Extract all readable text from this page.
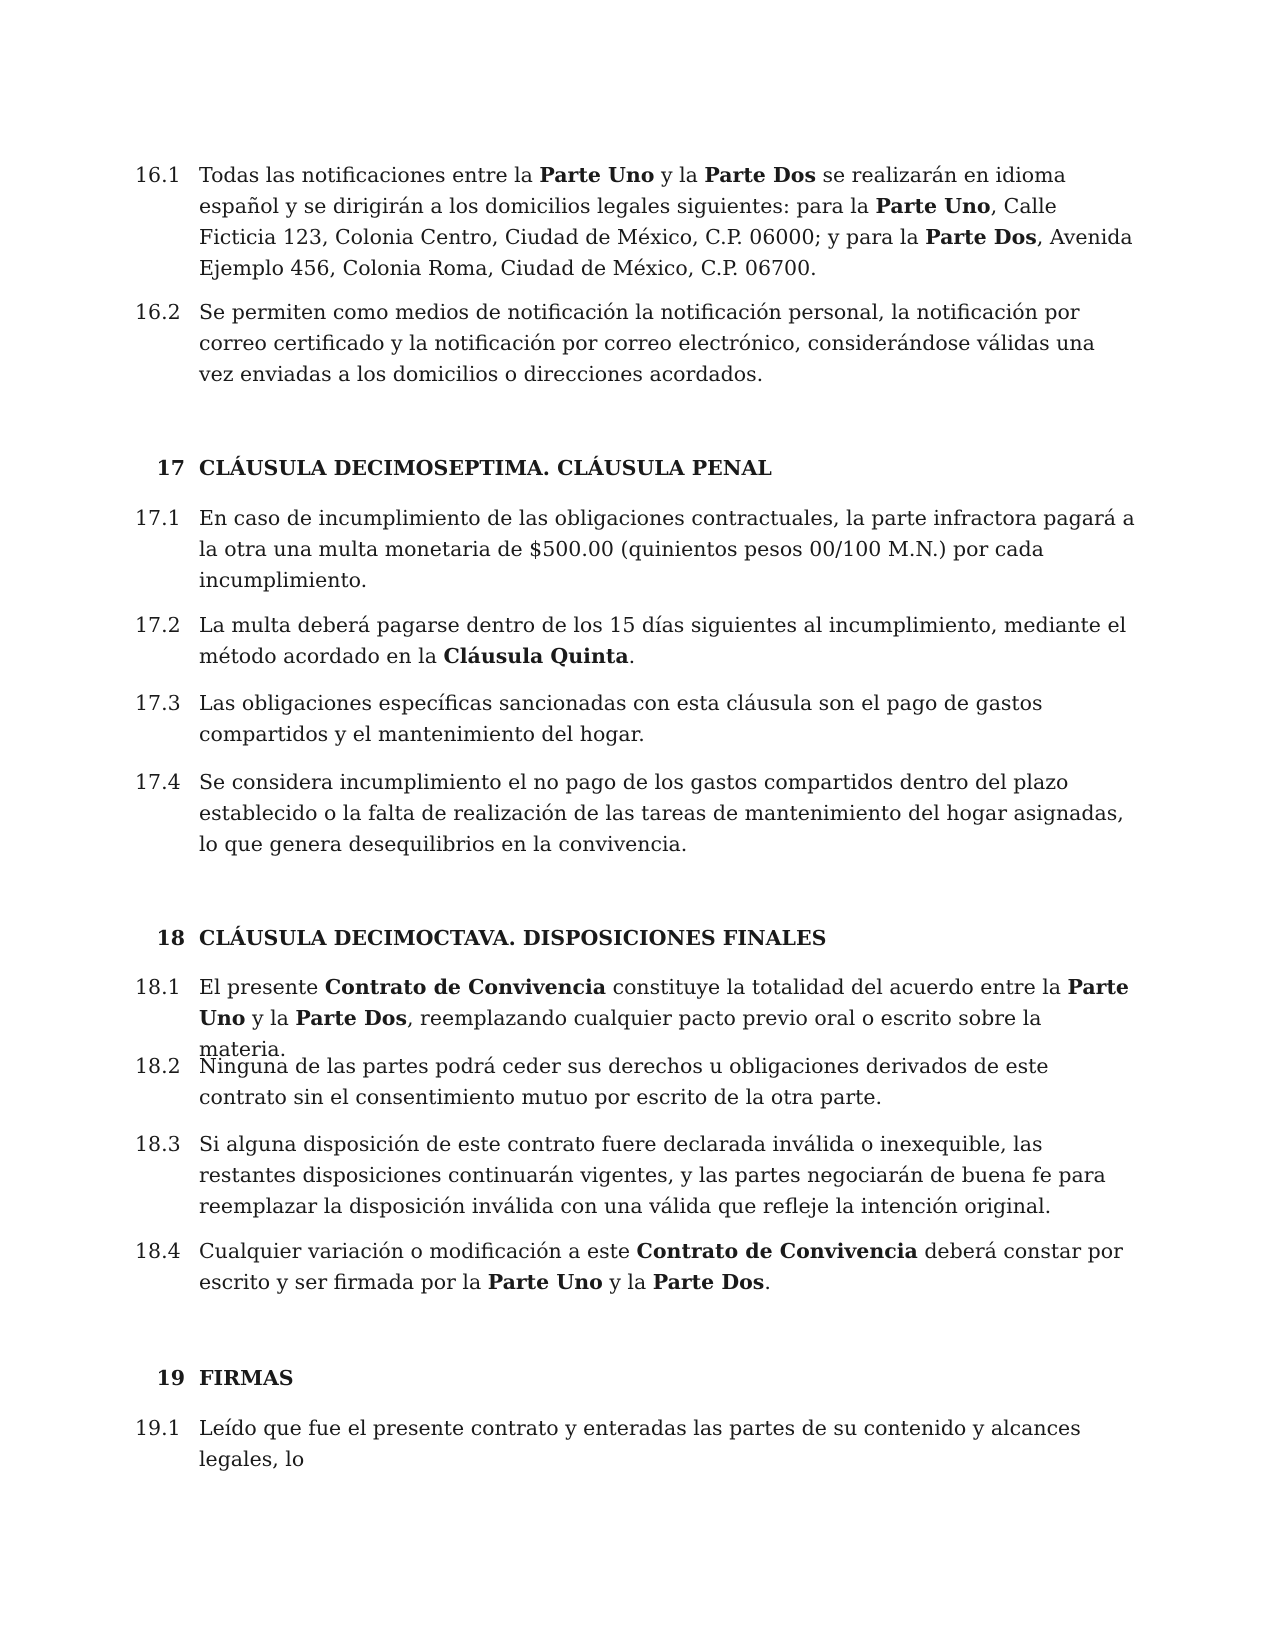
16.1 Todas las notificaciones entre la Parte Uno y la Parte Dos se realizarán en idioma español y se dirigirán a los domicilios legales siguientes: para la Parte Uno, Calle Ficticia 123, Colonia Centro, Ciudad de México, C.P. 06000; y para la Parte Dos, Avenida Ejemplo 456, Colonia Roma, Ciudad de México, C.P. 06700.
16.2 Se permiten como medios de notificación la notificación personal, la notificación por correo certificado y la notificación por correo electrónico, considerándose válidas una vez enviadas a los domicilios o direcciones acordados.
17 CLÁUSULA DECIMOSEPTIMA. CLÁUSULA PENAL
17.1 En caso de incumplimiento de las obligaciones contractuales, la parte infractora pagará a la otra una multa monetaria de $500.00 (quinientos pesos 00/100 M.N.) por cada incumplimiento.
17.2 La multa deberá pagarse dentro de los 15 días siguientes al incumplimiento, mediante el método acordado en la Cláusula Quinta.
17.3 Las obligaciones específicas sancionadas con esta cláusula son el pago de gastos compartidos y el mantenimiento del hogar.
17.4 Se considera incumplimiento el no pago de los gastos compartidos dentro del plazo establecido o la falta de realización de las tareas de mantenimiento del hogar asignadas, lo que genera desequilibrios en la convivencia.
18 CLÁUSULA DECIMOCTAVA. DISPOSICIONES FINALES
18.1 El presente Contrato de Convivencia constituye la totalidad del acuerdo entre la Parte Uno y la Parte Dos, reemplazando cualquier pacto previo oral o escrito sobre la materia.
18.2 Ninguna de las partes podrá ceder sus derechos u obligaciones derivados de este contrato sin el consentimiento mutuo por escrito de la otra parte.
18.3 Si alguna disposición de este contrato fuere declarada inválida o inexequible, las restantes disposiciones continuarán vigentes, y las partes negociarán de buena fe para reemplazar la disposición inválida con una válida que refleje la intención original.
18.4 Cualquier variación o modificación a este Contrato de Convivencia deberá constar por escrito y ser firmada por la Parte Uno y la Parte Dos.
19 FIRMAS
19.1 Leído que fue el presente contrato y enteradas las partes de su contenido y alcances legales, lo
